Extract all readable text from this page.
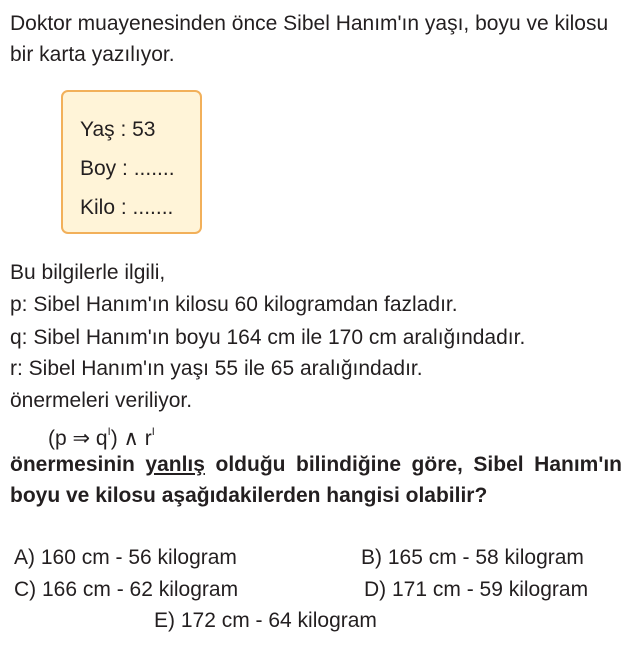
Doktor muayenesinden önce Sibel Hanım'ın yaşı, boyu ve kilosu bir karta yazılıyor.
Yaş : 53
Boy : .......
Kilo : .......
Bu bilgilerle ilgili,
p: Sibel Hanım'ın kilosu 60 kilogramdan fazladır.
q: Sibel Hanım'ın boyu 164 cm ile 170 cm aralığındadır.
r: Sibel Hanım'ın yaşı 55 ile 65 aralığındadır.
önermeleri veriliyor.
(p ⇒ $q^I$) ∧ $r^I$
önermesinin yanlış olduğu bilindiğine göre, Sibel Hanım'ın boyu ve kilosu aşağıdakilerden hangisi olabilir?
A) 160 cm - 56 kilogram	B) 165 cm - 58 kilogram
C) 166 cm - 62 kilogram	D) 171 cm - 59 kilogram
E) 172 cm - 64 kilogram
